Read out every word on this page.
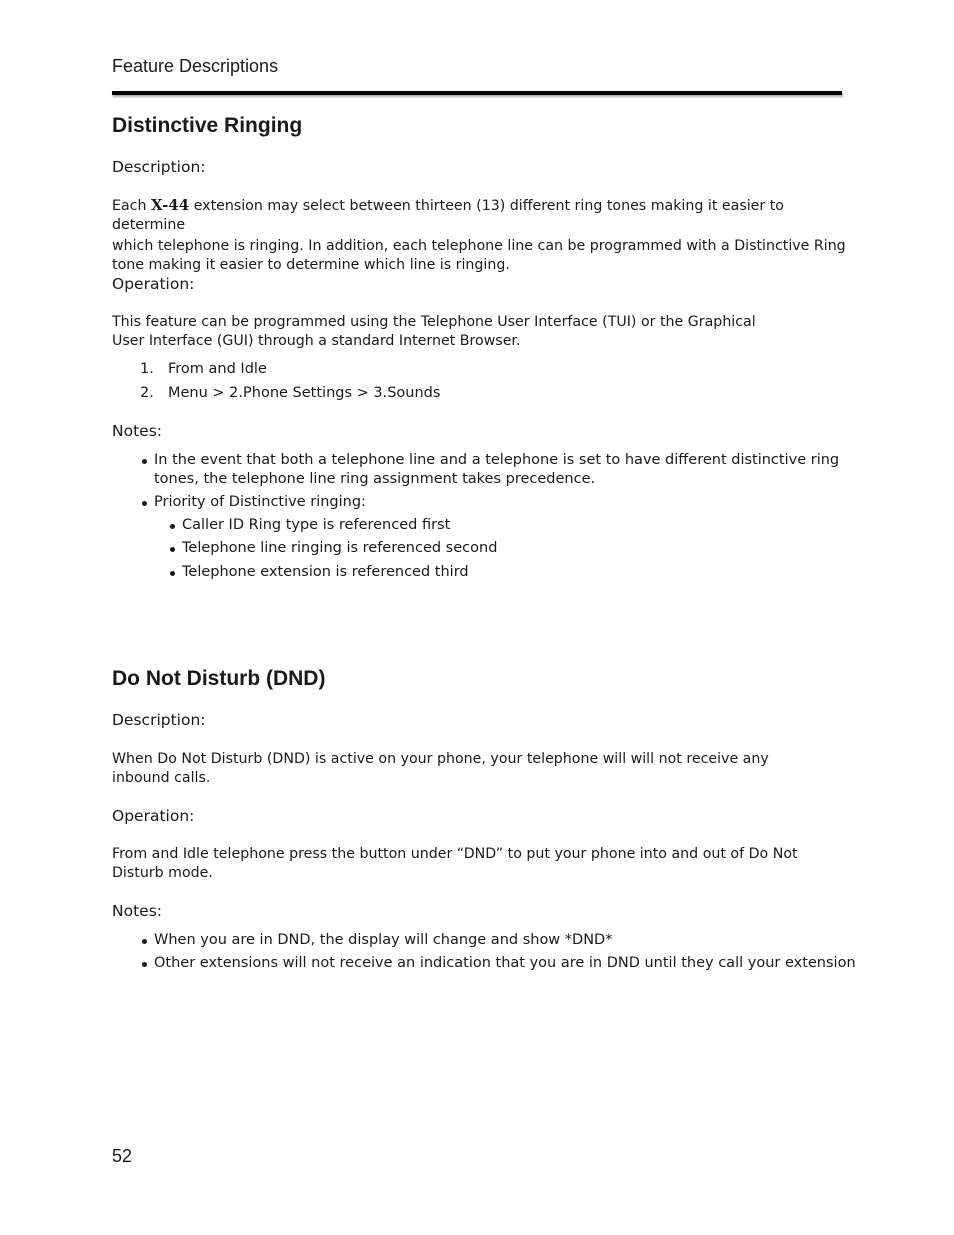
Feature Descriptions
Distinctive Ringing
Description:
Each X-44 extension may select between thirteen (13) different ring tones making it easier to determine
which telephone is ringing. In addition, each telephone line can be programmed with a Distinctive Ring
tone making it easier to determine which line is ringing.
Operation:
This feature can be programmed using the Telephone User Interface (TUI) or the Graphical User Interface (GUI) through a standard Internet Browser.
1. From and Idle
2. Menu > 2.Phone Settings > 3.Sounds
Notes:
In the event that both a telephone line and a telephone is set to have different distinctive ring
tones, the telephone line ring assignment takes precedence.
Priority of Distinctive ringing:
Caller ID Ring type is referenced first
Telephone line ringing is referenced second
Telephone extension is referenced third
Do Not Disturb (DND)
Description:
When Do Not Disturb (DND) is active on your phone, your telephone will will not receive any inbound calls.
Operation:
From and Idle telephone press the button under “DND” to put your phone into and out of Do Not Disturb mode.
Notes:
When you are in DND, the display will change and show *DND*
Other extensions will not receive an indication that you are in DND until they call your extension
52
